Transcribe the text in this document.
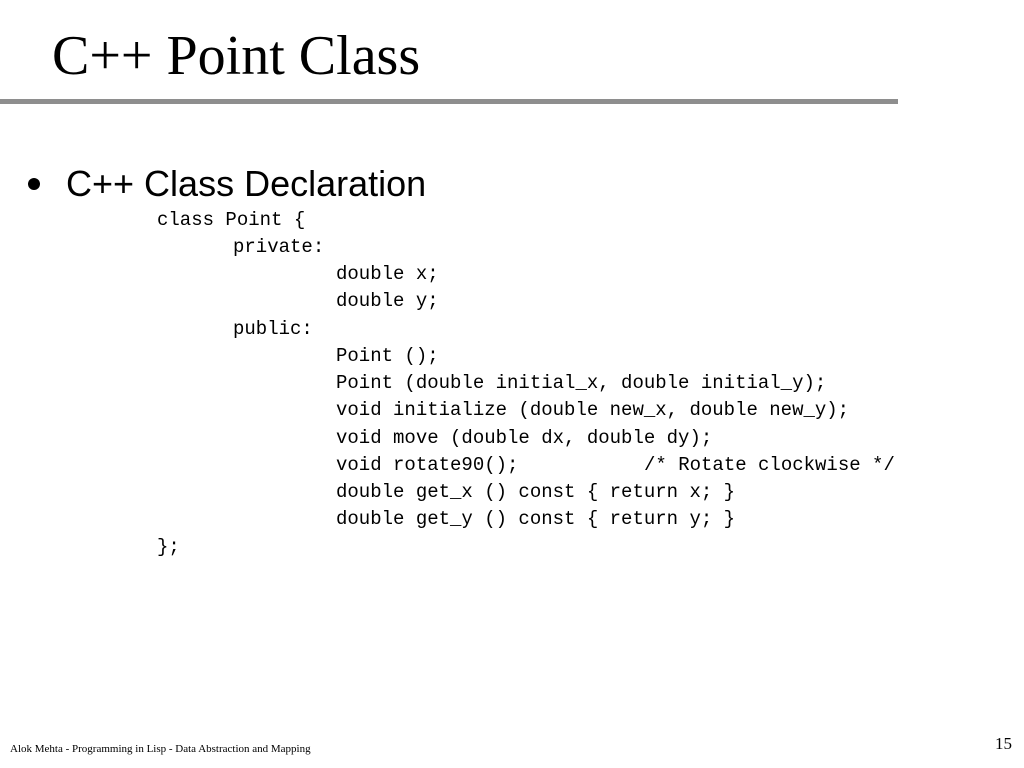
C++ Point Class
C++ Class Declaration
class Point {
private:
double x;
double y;
public:
Point ();
Point (double initial_x, double initial_y);
void initialize (double new_x, double new_y);
void move (double dx, double dy);
void rotate90();

	/* Rotate clockwise */

double get_x () const { return x; }
double get_y () const { return y; }
};
Alok Mehta - Programming in Lisp - Data Abstraction and Mapping	15
